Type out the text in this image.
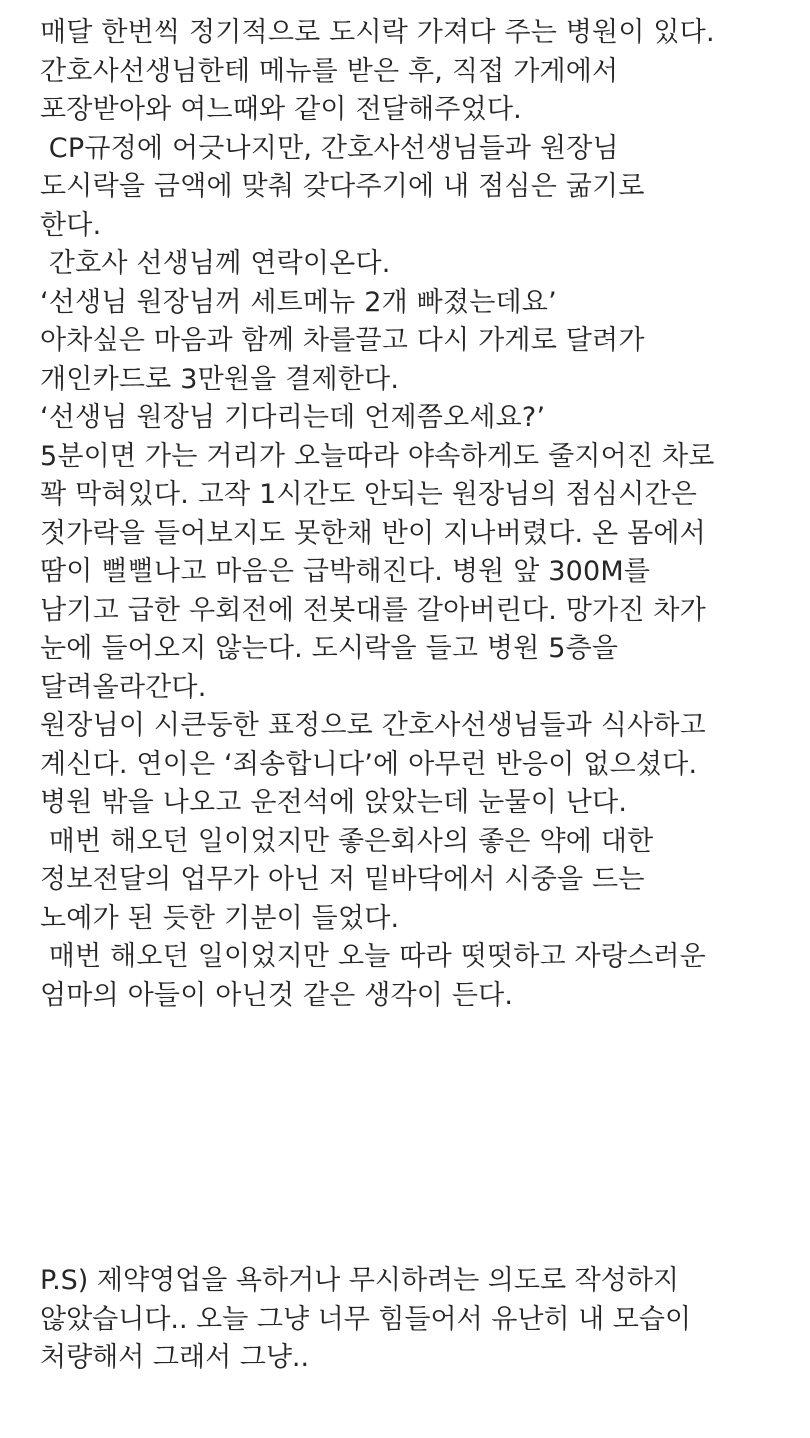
매달 한번씩 정기적으로 도시락 가져다 주는 병원이 있다.
간호사선생님한테 메뉴를 받은 후, 직접 가게에서
포장받아와 여느때와 같이 전달해주었다.
CP규정에 어긋나지만, 간호사선생님들과 원장님
도시락을 금액에 맞춰 갖다주기에 내 점심은 굶기로
한다.
간호사 선생님께 연락이온다.
‘선생님 원장님꺼 세트메뉴 2개 빠졌는데요’
아차싶은 마음과 함께 차를끌고 다시 가게로 달려가
개인카드로 3만원을 결제한다.
‘선생님 원장님 기다리는데 언제쯤오세요?’
5분이면 가는 거리가 오늘따라 야속하게도 줄지어진 차로
꽉 막혀있다. 고작 1시간도 안되는 원장님의 점심시간은
젓가락을 들어보지도 못한채 반이 지나버렸다. 온 몸에서
땀이 뻘뻘나고 마음은 급박해진다. 병원 앞 300M를
남기고 급한 우회전에 전봇대를 갈아버린다. 망가진 차가
눈에 들어오지 않는다. 도시락을 들고 병원 5층을
달려올라간다.
원장님이 시큰둥한 표정으로 간호사선생님들과 식사하고
계신다. 연이은 ‘죄송합니다’에 아무런 반응이 없으셨다.
병원 밖을 나오고 운전석에 앉았는데 눈물이 난다.
매번 해오던 일이었지만 좋은회사의 좋은 약에 대한
정보전달의 업무가 아닌 저 밑바닥에서 시중을 드는
노예가 된 듯한 기분이 들었다.
매번 해오던 일이었지만 오늘 따라 떳떳하고 자랑스러운
엄마의 아들이 아닌것 같은 생각이 든다.
P.S) 제약영업을 욕하거나 무시하려는 의도로 작성하지
않았습니다.. 오늘 그냥 너무 힘들어서 유난히 내 모습이
처량해서 그래서 그냥..
